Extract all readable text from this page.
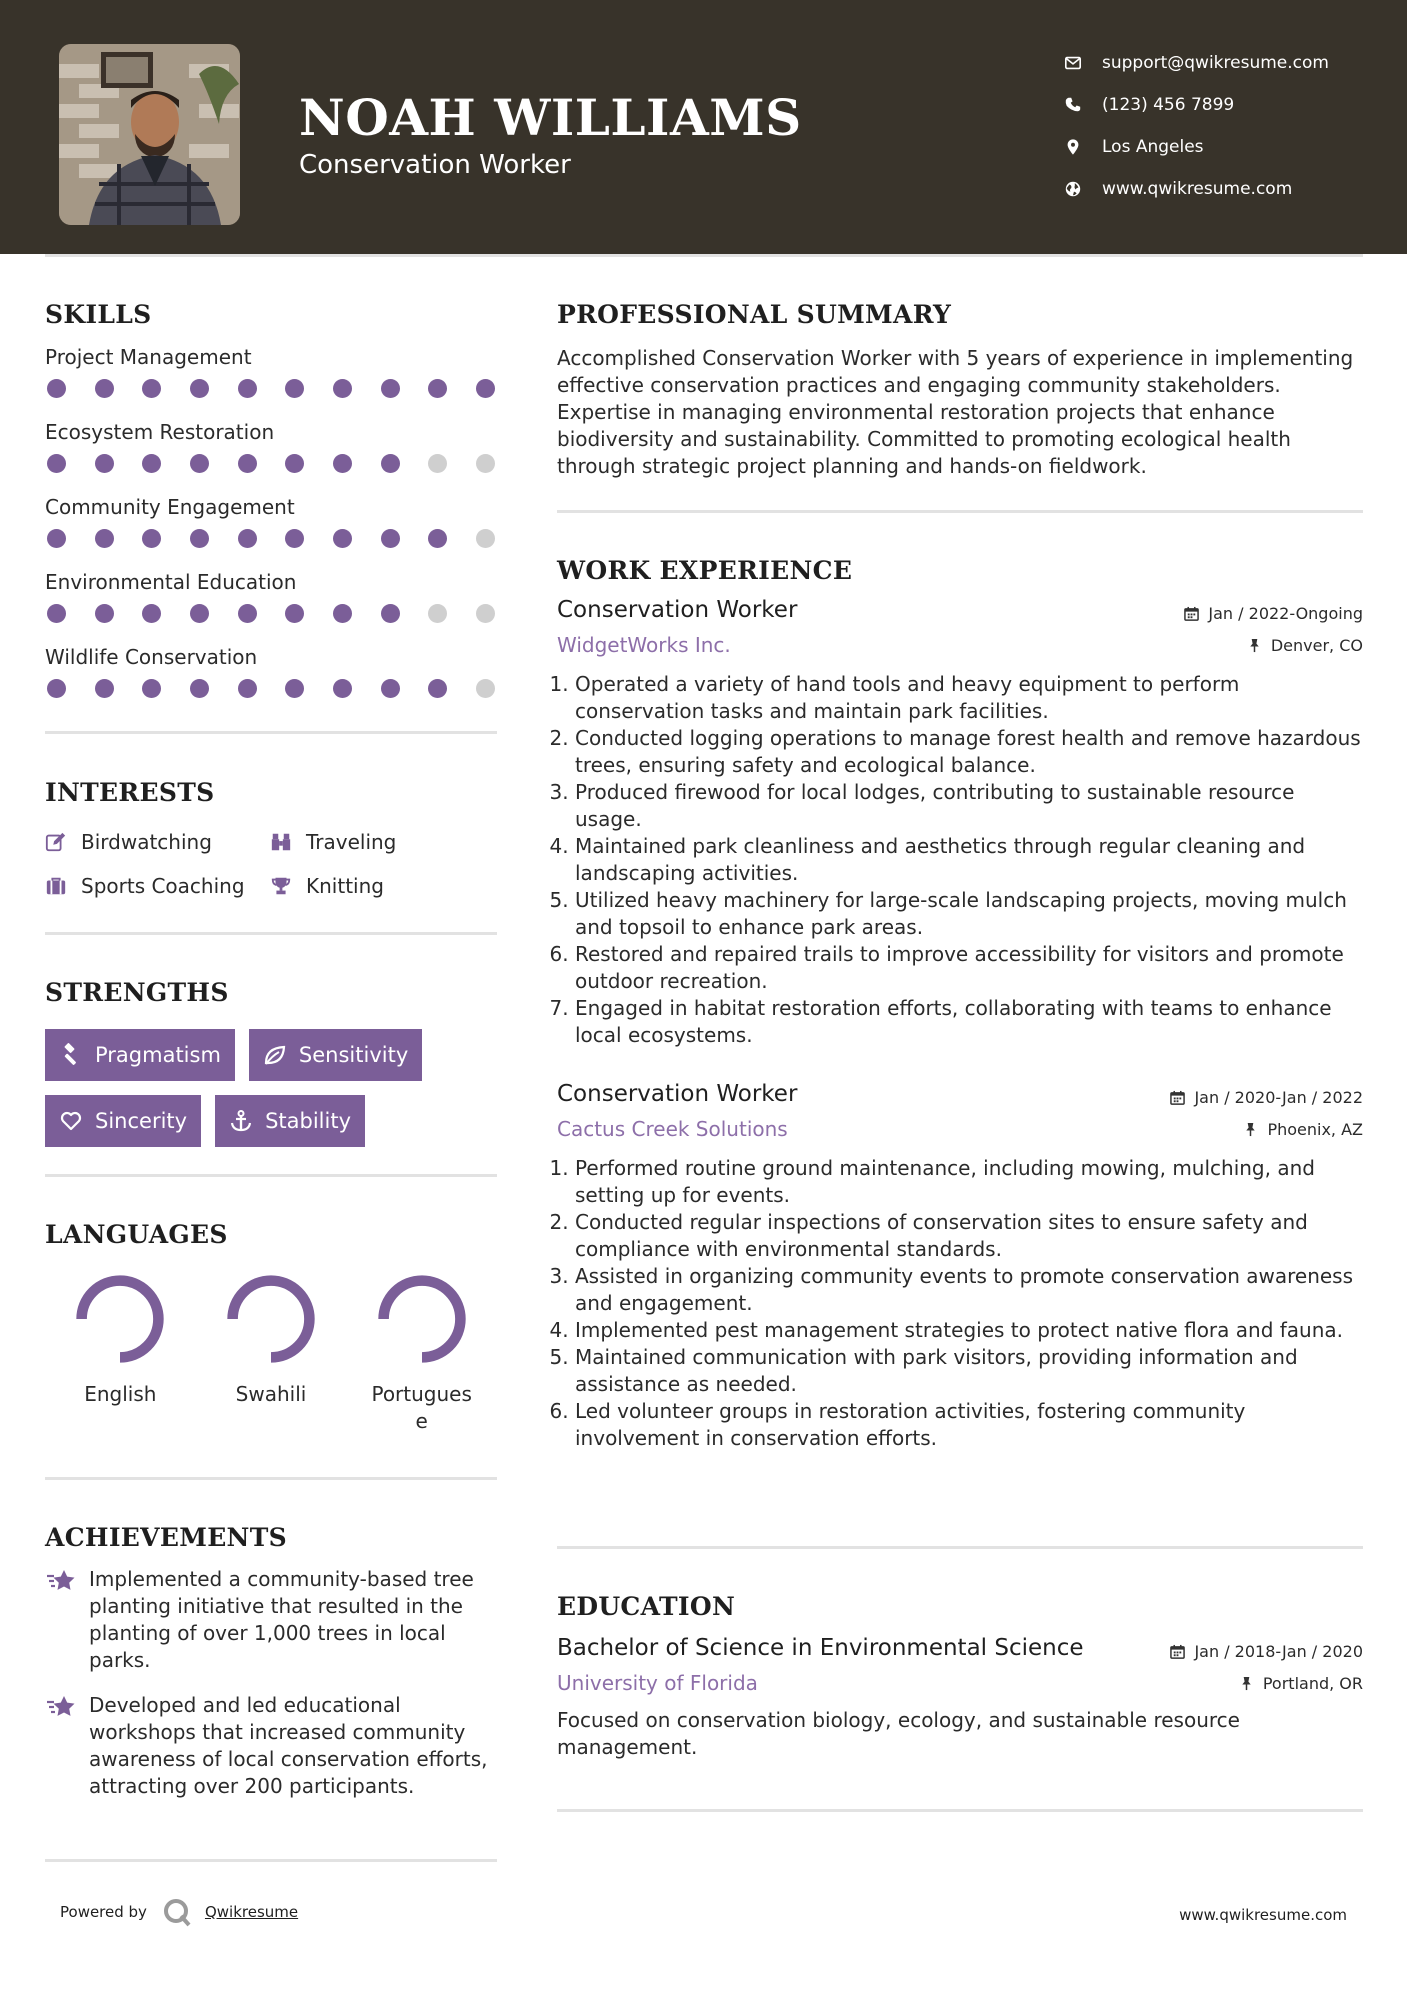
NOAH WILLIAMS
Conservation Worker
support@qwikresume.com
(123) 456 7899
Los Angeles
www.qwikresume.com
SKILLS
Project Management
Ecosystem Restoration
Community Engagement
Environmental Education
Wildlife Conservation
INTERESTS
Birdwatching	Traveling
Sports Coaching	Knitting
STRENGTHS
Pragmatism	Sensitivity
Sincerity	Stability
LANGUAGES
English	Swahili	Portugues
e
ACHIEVEMENTS
Implemented a community-based tree planting initiative that resulted in the planting of over 1,000 trees in local parks.
Developed and led educational workshops that increased community awareness of local conservation efforts, attracting over 200 participants.
PROFESSIONAL SUMMARY
Accomplished Conservation Worker with 5 years of experience in implementing effective conservation practices and engaging community stakeholders. Expertise in managing environmental restoration projects that enhance biodiversity and sustainability. Committed to promoting ecological health through strategic project planning and hands-on fieldwork.
WORK EXPERIENCE
Conservation Worker	Jan / 2022-Ongoing
WidgetWorks Inc.	Denver, CO
1. Operated a variety of hand tools and heavy equipment to perform conservation tasks and maintain park facilities.
2. Conducted logging operations to manage forest health and remove hazardous trees, ensuring safety and ecological balance.
3. Produced firewood for local lodges, contributing to sustainable resource usage.
4. Maintained park cleanliness and aesthetics through regular cleaning and landscaping activities.
5. Utilized heavy machinery for large-scale landscaping projects, moving mulch and topsoil to enhance park areas.
6. Restored and repaired trails to improve accessibility for visitors and promote outdoor recreation.
7. Engaged in habitat restoration efforts, collaborating with teams to enhance local ecosystems.
Conservation Worker	Jan / 2020-Jan / 2022
Cactus Creek Solutions	Phoenix, AZ
1. Performed routine ground maintenance, including mowing, mulching, and setting up for events.
2. Conducted regular inspections of conservation sites to ensure safety and compliance with environmental standards.
3. Assisted in organizing community events to promote conservation awareness and engagement.
4. Implemented pest management strategies to protect native flora and fauna.
5. Maintained communication with park visitors, providing information and assistance as needed.
6. Led volunteer groups in restoration activities, fostering community involvement in conservation efforts.
EDUCATION
Bachelor of Science in Environmental Science	Jan / 2018-Jan / 2020
University of Florida	Portland, OR
Focused on conservation biology, ecology, and sustainable resource management.
Powered by	Qwikresume	www.qwikresume.com
